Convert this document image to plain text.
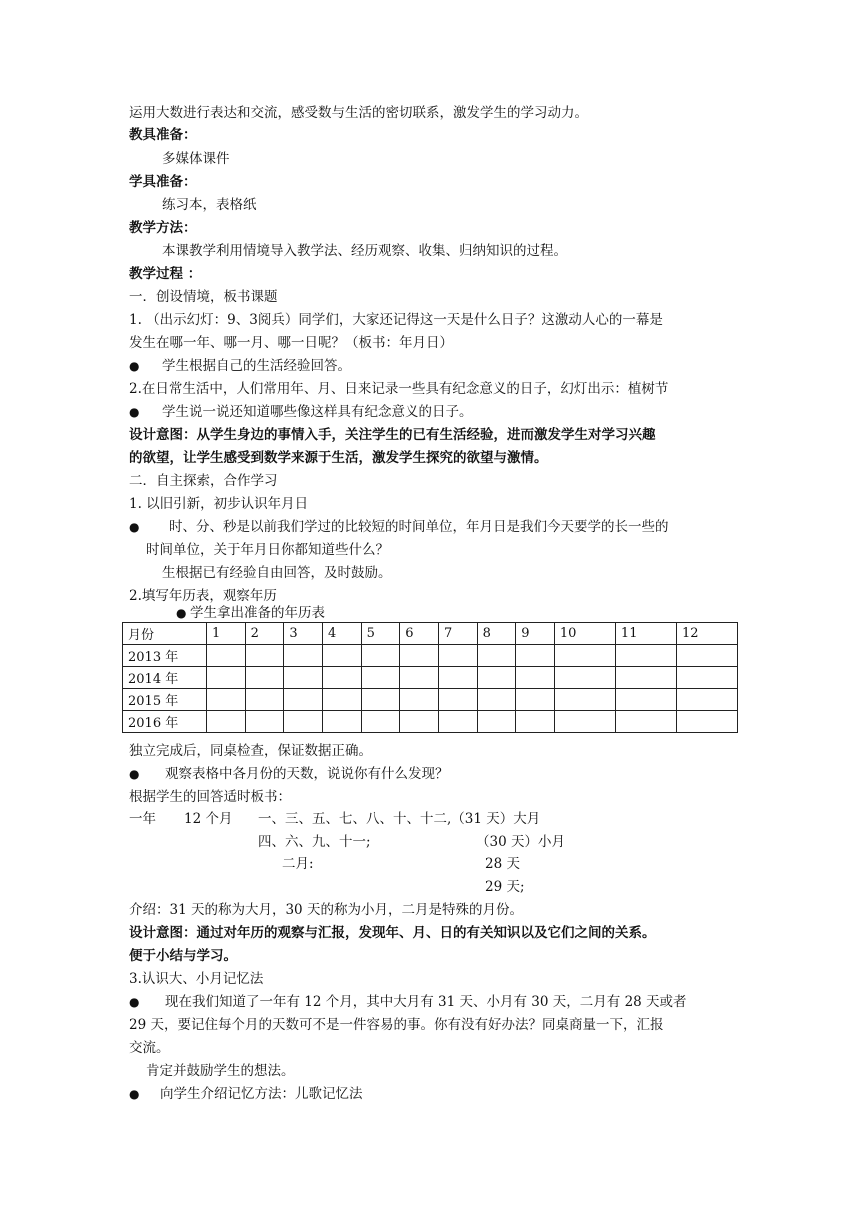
运用大数进行表达和交流，感受数与生活的密切联系，激发学生的学习动力。
教具准备：
多媒体课件
学具准备：
练习本，表格纸
教学方法：
本课教学利用情境导入教学法、经历观察、收集、归纳知识的过程。
教学过程 ：
一．创设情境，板书课题
1. （出示幻灯：9、3阅兵）同学们，大家还记得这一天是什么日子？这激动人心的一幕是
发生在哪一年、哪一月、哪一日呢？（板书：年月日）
● 学生根据自己的生活经验回答。
2.在日常生活中，人们常用年、月、日来记录一些具有纪念意义的日子，幻灯出示：植树节
● 学生说一说还知道哪些像这样具有纪念意义的日子。
设计意图：从学生身边的事情入手，关注学生的已有生活经验，进而激发学生对学习兴趣
的欲望，让学生感受到数学来源于生活，激发学生探究的欲望与激情。
二．自主探索，合作学习
1. 以旧引新，初步认识年月日
● 时、分、秒是以前我们学过的比较短的时间单位，年月日是我们今天要学的长一些的
时间单位，关于年月日你都知道些什么？
生根据已有经验自由回答，及时鼓励。
2.填写年历表，观察年历
● 学生拿出准备的年历表
月份	1	2	3	4	5	6	7	8	9	10	11	12
2013 年												
2014 年												
2015 年												
2016 年												
独立完成后，同桌检查，保证数据正确。
● 观察表格中各月份的天数，说说你有什么发现？
根据学生的回答适时板书：
一年 12 个月 一、三、五、七、八、十、十二,（31 天）大月
四、六、九、十一;	（30 天）小月
二月:	28 天
29 天;
介绍：31 天的称为大月，30 天的称为小月，二月是特殊的月份。
设计意图：通过对年历的观察与汇报，发现年、月、日的有关知识以及它们之间的关系。
便于小结与学习。
3.认识大、小月记忆法
● 现在我们知道了一年有 12 个月，其中大月有 31 天、小月有 30 天，二月有 28 天或者
29 天，要记住每个月的天数可不是一件容易的事。你有没有好办法？同桌商量一下，汇报
交流。
肯定并鼓励学生的想法。
● 向学生介绍记忆方法：儿歌记忆法
